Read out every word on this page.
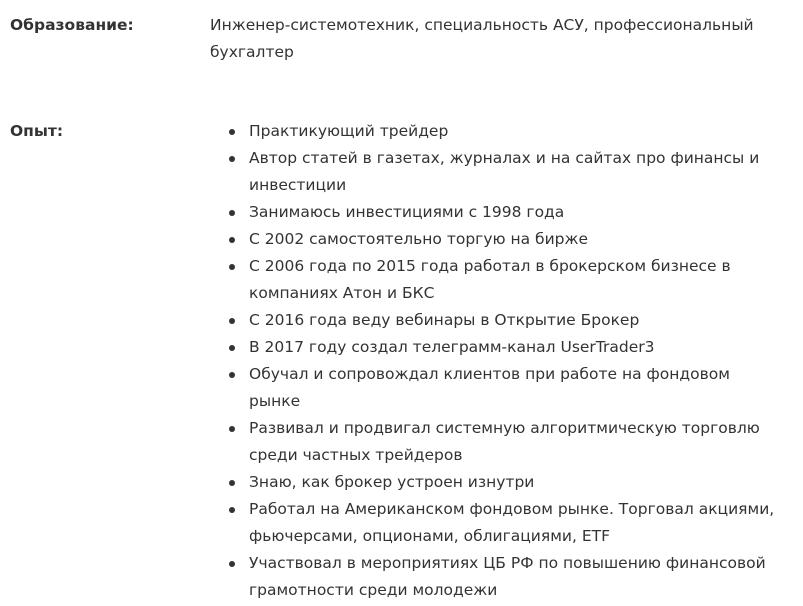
Образование:	Инженер-системотехник, специальность АСУ, профессиональный бухгалтер

Опыт:	Практикующий трейдер
Автор статей в газетах, журналах и на сайтах про финансы и инвестиции
Занимаюсь инвестициями с 1998 года
С 2002 самостоятельно торгую на бирже
С 2006 года по 2015 года работал в брокерском бизнесе в компаниях Атон и БКС
С 2016 года веду вебинары в Открытие Брокер
В 2017 году создал телеграмм-канал UserTrader3
Обучал и сопровождал клиентов при работе на фондовом рынке
Развивал и продвигал системную алгоритмическую торговлю среди частных трейдеров
Знаю, как брокер устроен изнутри
Работал на Американском фондовом рынке. Торговал акциями, фьючерсами, опционами, облигациями, ETF
Участвовал в мероприятиях ЦБ РФ по повышению финансовой грамотности среди молодежи
